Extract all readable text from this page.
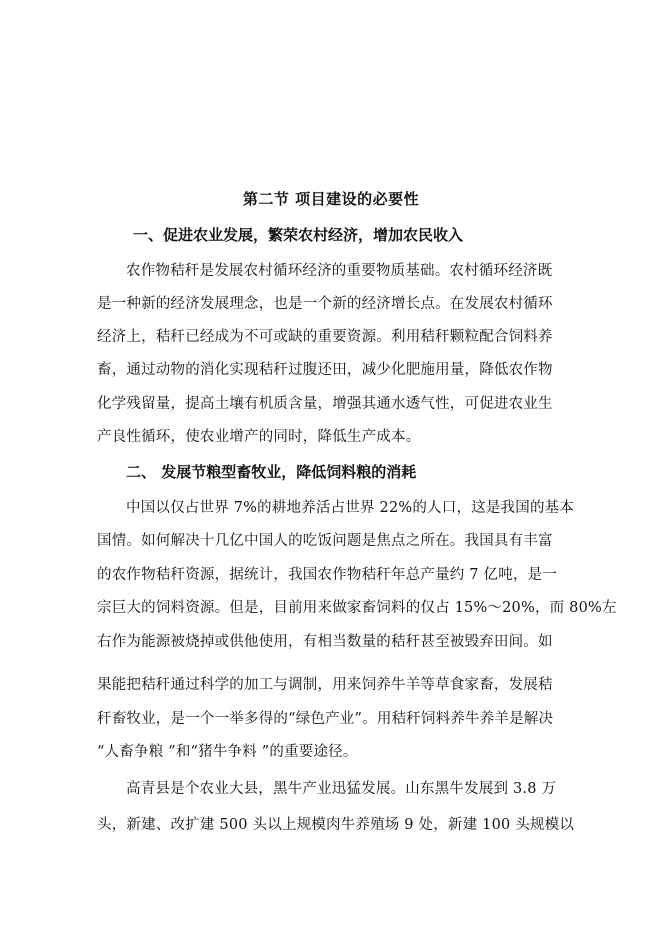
第二节 项目建设的必要性
一、促进农业发展，繁荣农村经济，增加农民收入
农作物秸秆是发展农村循环经济的重要物质基础。农村循环经济既
是一种新的经济发展理念，也是一个新的经济增长点。在发展农村循环
经济上，秸秆已经成为不可或缺的重要资源。利用秸秆颗粒配合饲料养
畜，通过动物的消化实现秸秆过腹还田，减少化肥施用量，降低农作物
化学残留量，提高土壤有机质含量，增强其通水透气性，可促进农业生
产良性循环，使农业增产的同时，降低生产成本。
二、 发展节粮型畜牧业，降低饲料粮的消耗
中国以仅占世界 7%的耕地养活占世界 22%的人口，这是我国的基本
国情。如何解决十几亿中国人的吃饭问题是焦点之所在。我国具有丰富
的农作物秸秆资源，据统计，我国农作物秸秆年总产量约 7 亿吨，是一
宗巨大的饲料资源。但是，目前用来做家畜饲料的仅占 15%～20%，而 80%左
右作为能源被烧掉或供他使用，有相当数量的秸秆甚至被毁弃田间。如
果能把秸秆通过科学的加工与调制，用来饲养牛羊等草食家畜，发展秸
秆畜牧业，是一个一举多得的“绿色产业”。用秸秆饲料养牛养羊是解决
“人畜争粮 ”和“猪牛争料 ”的重要途径。
高青县是个农业大县，黑牛产业迅猛发展。山东黑牛发展到 3.8 万
头，新建、改扩建 500 头以上规模肉牛养殖场 9 处，新建 100 头规模以
